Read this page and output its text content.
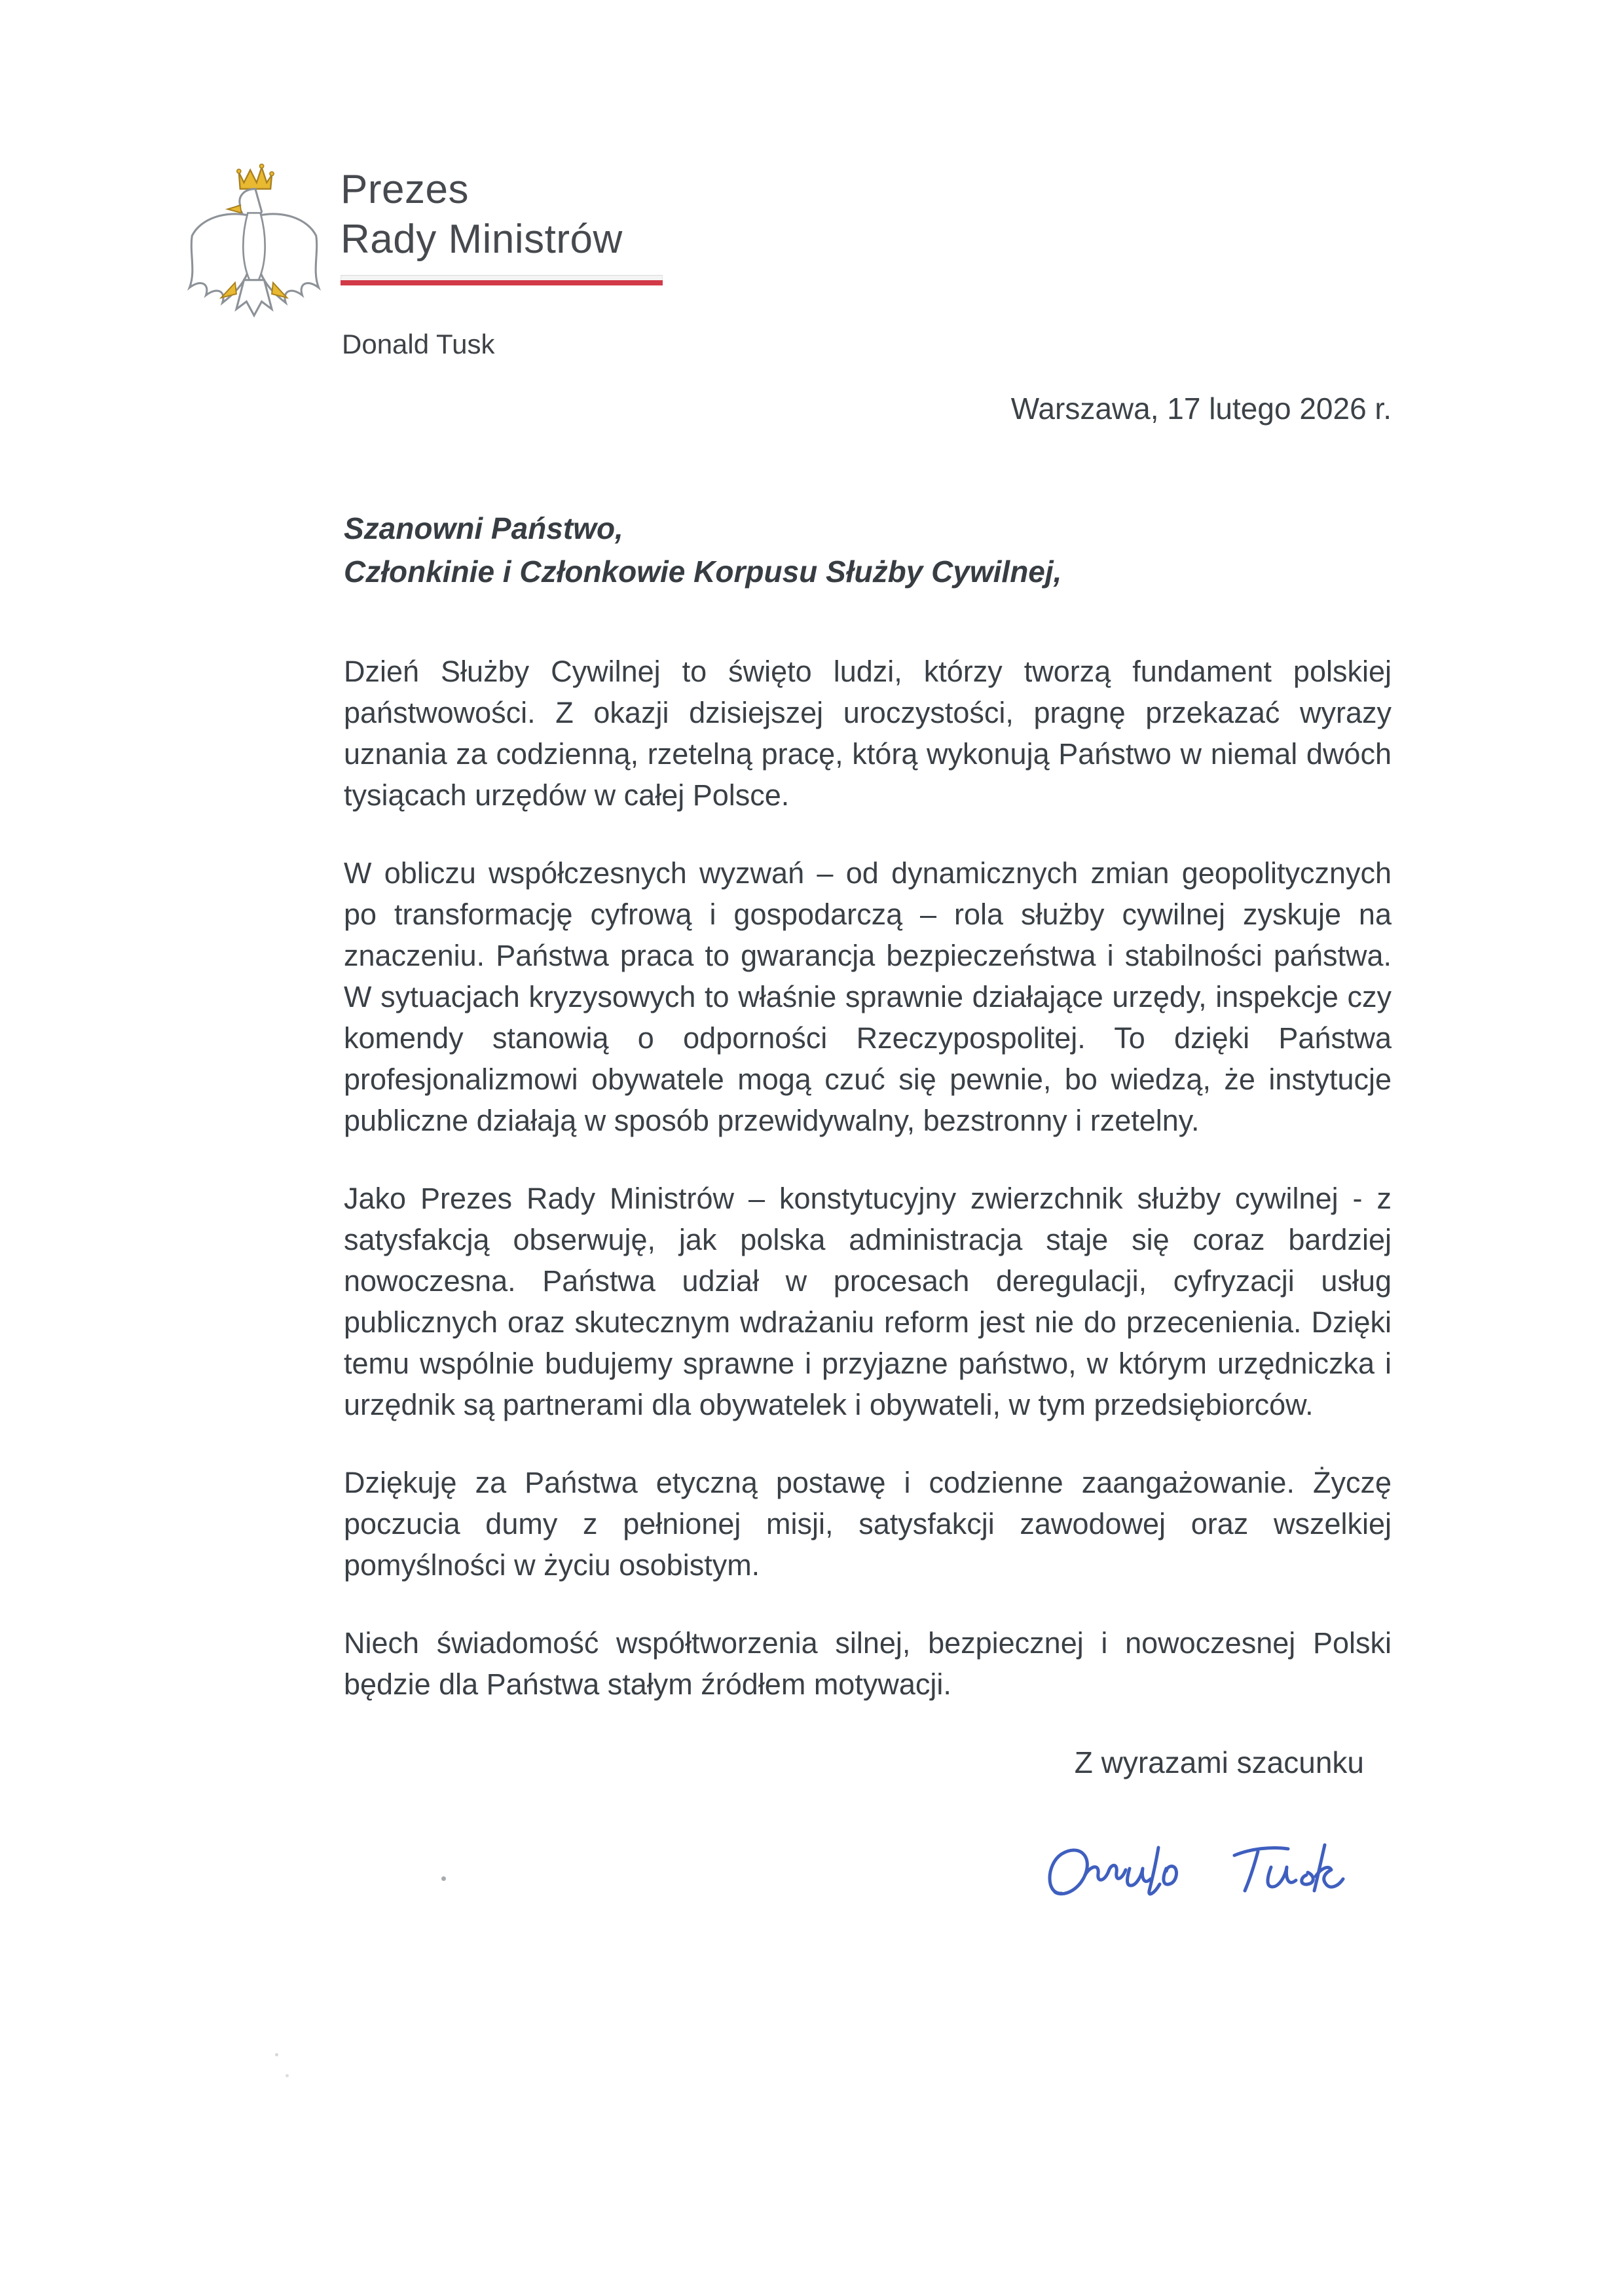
Prezes
Rady Ministrów
Donald Tusk

Warszawa, 17 lutego 2026 r.

Szanowni Państwo,

Członkinie i Członkowie Korpusu Służby Cywilnej,

Dzień Służby Cywilnej to święto ludzi, którzy tworzą fundament polskiej państwowości. Z okazji dzisiejszej uroczystości, pragnę przekazać wyrazy uznania za codzienną, rzetelną pracę, którą wykonują Państwo w niemal dwóch tysiącach urzędów w całej Polsce.

W obliczu współczesnych wyzwań – od dynamicznych zmian geopolitycznych po transformację cyfrową i gospodarczą – rola służby cywilnej zyskuje na znaczeniu. Państwa praca to gwarancja bezpieczeństwa i stabilności państwa. W sytuacjach kryzysowych to właśnie sprawnie działające urzędy, inspekcje czy komendy stanowią o odporności Rzeczypospolitej. To dzięki Państwa profesjonalizmowi obywatele mogą czuć się pewnie, bo wiedzą, że instytucje publiczne działają w sposób przewidywalny, bezstronny i rzetelny.

Jako Prezes Rady Ministrów – konstytucyjny zwierzchnik służby cywilnej - z satysfakcją obserwuję, jak polska administracja staje się coraz bardziej nowoczesna. Państwa udział w procesach deregulacji, cyfryzacji usług publicznych oraz skutecznym wdrażaniu reform jest nie do przecenienia. Dzięki temu wspólnie budujemy sprawne i przyjazne państwo, w którym urzędniczka i urzędnik są partnerami dla obywatelek i obywateli, w tym przedsiębiorców.

Dziękuję za Państwa etyczną postawę i codzienne zaangażowanie. Życzę poczucia dumy z pełnionej misji, satysfakcji zawodowej oraz wszelkiej pomyślności w życiu osobistym.

Niech świadomość współtworzenia silnej, bezpiecznej i nowoczesnej Polski będzie dla Państwa stałym źródłem motywacji.

Z wyrazami szacunku
